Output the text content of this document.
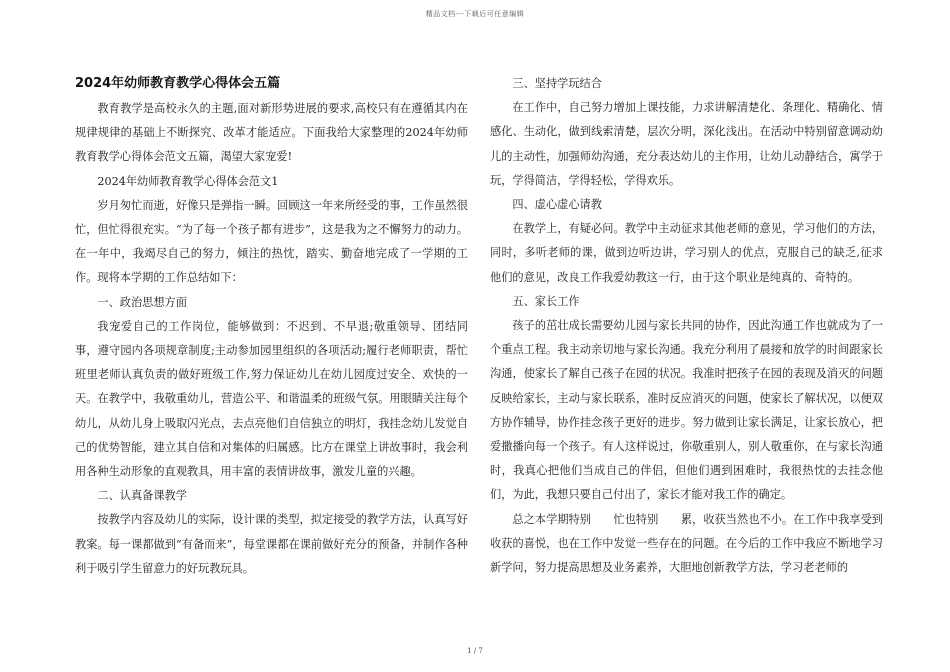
精品文档---下载后可任意编辑
2024年幼师教育教学心得体会五篇

教育教学是高校永久的主题,面对新形势进展的要求,高校只有在遵循其内在规律规律的基础上不断探究、改革才能适应。下面我给大家整理的2024年幼师教育教学心得体会范文五篇，渴望大家宠爱!

2024年幼师教育教学心得体会范文1

岁月匆忙而逝，好像只是弹指一瞬。回顾这一年来所经受的事，工作虽然很忙，但忙得很充实。“为了每一个孩子都有进步”，这是我为之不懈努力的动力。在一年中，我竭尽自己的努力，倾注的热忱，踏实、勤奋地完成了一学期的工作。现将本学期的工作总结如下：

一、政治思想方面

我宠爱自己的工作岗位，能够做到：不迟到、不早退;敬重领导、团结同事，遵守园内各项规章制度;主动参加园里组织的各项活动;履行老师职责，帮忙班里老师认真负责的做好班级工作,努力保证幼儿在幼儿园度过安全、欢快的一天。在教学中，我敬重幼儿，营造公平、和谐温柔的班级气氛。用眼睛关注每个幼儿，从幼儿身上吸取闪光点，去点亮他们自信独立的明灯，我挂念幼儿发觉自己的优势智能，建立其自信和对集体的归属感。比方在课堂上讲故事时，我会利用各种生动形象的直观教具，用丰富的表情讲故事，激发儿童的兴趣。

二、认真备课教学

按教学内容及幼儿的实际，设计课的类型，拟定接受的教学方法，认真写好教案。每一课都做到“有备而来”，每堂课都在课前做好充分的预备，并制作各种利于吸引学生留意力的好玩教玩具。

三、坚持学玩结合

在工作中，自己努力增加上课技能，力求讲解清楚化、条理化、精确化、情感化、生动化，做到线索清楚，层次分明，深化浅出。在活动中特别留意调动幼儿的主动性，加强师幼沟通，充分表达幼儿的主作用，让幼儿动静结合，寓学于玩，学得简洁，学得轻松，学得欢乐。

四、虚心虚心请教

在教学上，有疑必问。教学中主动征求其他老师的意见，学习他们的方法，同时，多听老师的课，做到边听边讲，学习别人的优点，克服自己的缺乏,征求他们的意见，改良工作我爱幼教这一行，由于这个职业是纯真的、奇特的。

五、家长工作

孩子的茁壮成长需要幼儿园与家长共同的协作，因此沟通工作也就成为了一个重点工程。我主动亲切地与家长沟通。我充分利用了晨接和放学的时间跟家长沟通，使家长了解自己孩子在园的状况。我准时把孩子在园的表现及消灭的问题反映给家长，主动与家长联系，准时反应消灭的问题，使家长了解状况，以便双方协作辅导，协作挂念孩子更好的进步。努力做到让家长满足，让家长放心，把爱撒播向每一个孩子。有人这样说过，你敬重别人，别人敬重你，在与家长沟通时，我真心把他们当成自己的伴侣，但他们遇到困难时，我很热忱的去挂念他们，为此，我想只要自己付出了，家长才能对我工作的确定。

总之本学期特别　　忙也特别　　累，收获当然也不小。在工作中我享受到收获的喜悦，也在工作中发觉一些存在的问题。在今后的工作中我应不断地学习新学问，努力提高思想及业务素养，大胆地创新教学方法，学习老老师的

1 / 7
